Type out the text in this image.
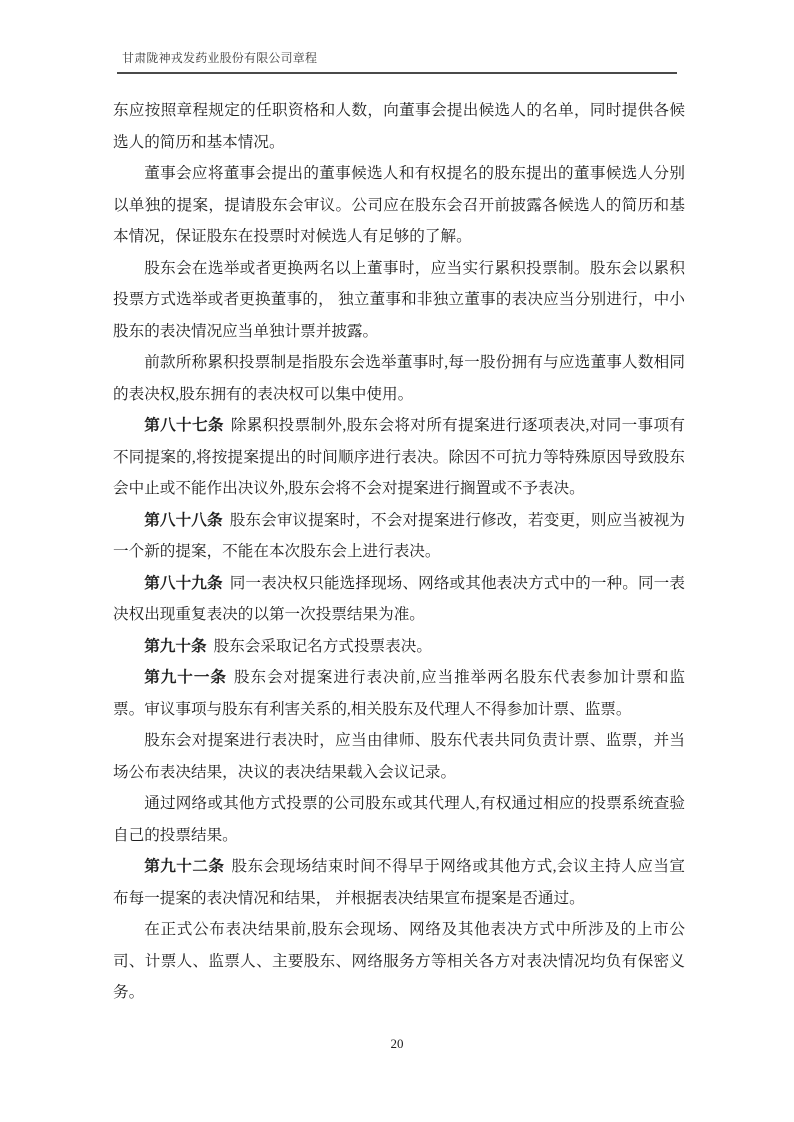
甘肃陇神戎发药业股份有限公司章程

东应按照章程规定的任职资格和人数，向董事会提出候选人的名单，同时提供各候选人的简历和基本情况。

董事会应将董事会提出的董事候选人和有权提名的股东提出的董事候选人分别以单独的提案，提请股东会审议。公司应在股东会召开前披露各候选人的简历和基本情况，保证股东在投票时对候选人有足够的了解。

股东会在选举或者更换两名以上董事时，应当实行累积投票制。股东会以累积投票方式选举或者更换董事的， 独立董事和非独立董事的表决应当分别进行，中小股东的表决情况应当单独计票并披露。

前款所称累积投票制是指股东会选举董事时,每一股份拥有与应选董事人数相同的表决权,股东拥有的表决权可以集中使用。

第八十七条 除累积投票制外,股东会将对所有提案进行逐项表决,对同一事项有不同提案的,将按提案提出的时间顺序进行表决。除因不可抗力等特殊原因导致股东会中止或不能作出决议外,股东会将不会对提案进行搁置或不予表决。

第八十八条 股东会审议提案时，不会对提案进行修改，若变更，则应当被视为一个新的提案，不能在本次股东会上进行表决。

第八十九条 同一表决权只能选择现场、网络或其他表决方式中的一种。同一表决权出现重复表决的以第一次投票结果为准。

第九十条 股东会采取记名方式投票表决。

第九十一条 股东会对提案进行表决前,应当推举两名股东代表参加计票和监票。审议事项与股东有利害关系的,相关股东及代理人不得参加计票、监票。

股东会对提案进行表决时，应当由律师、股东代表共同负责计票、监票，并当场公布表决结果，决议的表决结果载入会议记录。

通过网络或其他方式投票的公司股东或其代理人,有权通过相应的投票系统查验自己的投票结果。

第九十二条 股东会现场结束时间不得早于网络或其他方式,会议主持人应当宣布每一提案的表决情况和结果， 并根据表决结果宣布提案是否通过。

在正式公布表决结果前,股东会现场、网络及其他表决方式中所涉及的上市公司、计票人、监票人、主要股东、网络服务方等相关各方对表决情况均负有保密义务。

20
